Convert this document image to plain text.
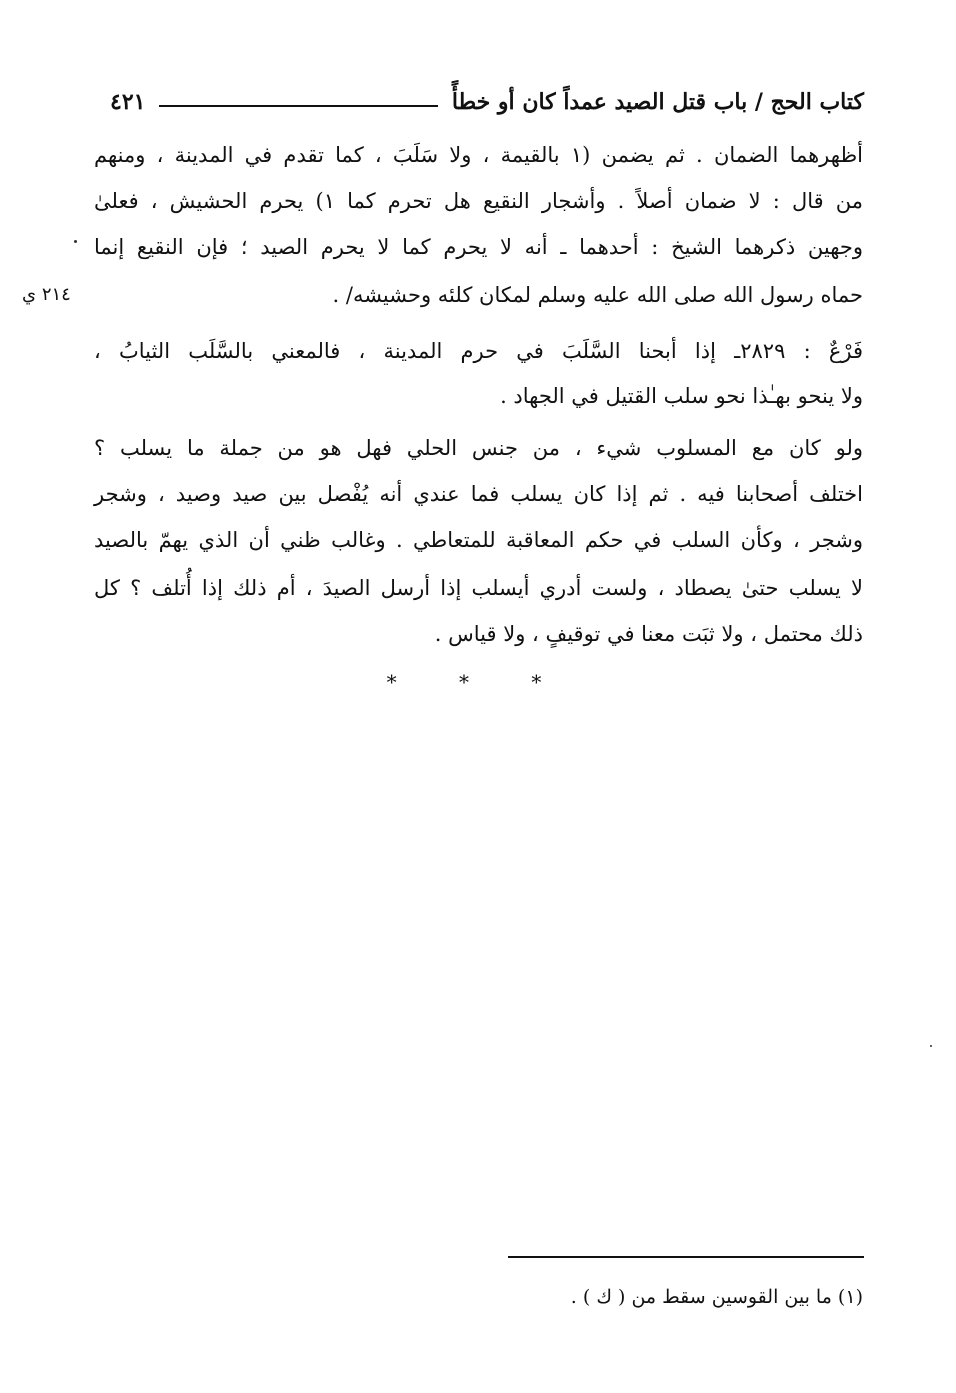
كتاب الحج / باب قتل الصيد عمداً كان أو خطأً
٤٢١
أظهرهما الضمان . ثم يضمن (١ بالقيمة ، ولا سَلَبَ ، كما تقدم في المدينة ، ومنهم
من قال : لا ضمان أصلاً . وأشجار النقيع هل تحرم كما ١) يحرم الحشيش ، فعلىٰ
وجهين ذكرهما الشيخ : أحدهما ـ أنه لا يحرم كما لا يحرم الصيد ؛ فإن النقيع إنما
حماه رسول الله صلى الله عليه وسلم لمكان كلئه وحشيشه/ .
٢١٤ ي
فَرْعٌ : ٢٨٢٩ـ إذا أبحنا السَّلَبَ في حرم المدينة ، فالمعني بالسَّلَب الثيابُ ،
ولا ينحو بهـٰذا نحو سلب القتيل في الجهاد .
ولو كان مع المسلوب شيء ، من جنس الحلي فهل هو من جملة ما يسلب ؟
اختلف أصحابنا فيه . ثم إذا كان يسلب فما عندي أنه يُفْصل بين صيد وصيد ، وشجر
وشجر ، وكأن السلب في حكم المعاقبة للمتعاطي . وغالب ظني أن الذي يهمّ بالصيد
لا يسلب حتىٰ يصطاد ، ولست أدري أيسلب إذا أرسل الصيدَ ، أم ذلك إذا أُتلف ؟ كل
ذلك محتمل ، ولا ثبَت معنا في توقيفٍ ، ولا قياس .
* * *
(١) ما بين القوسين سقط من ( ك ) .
